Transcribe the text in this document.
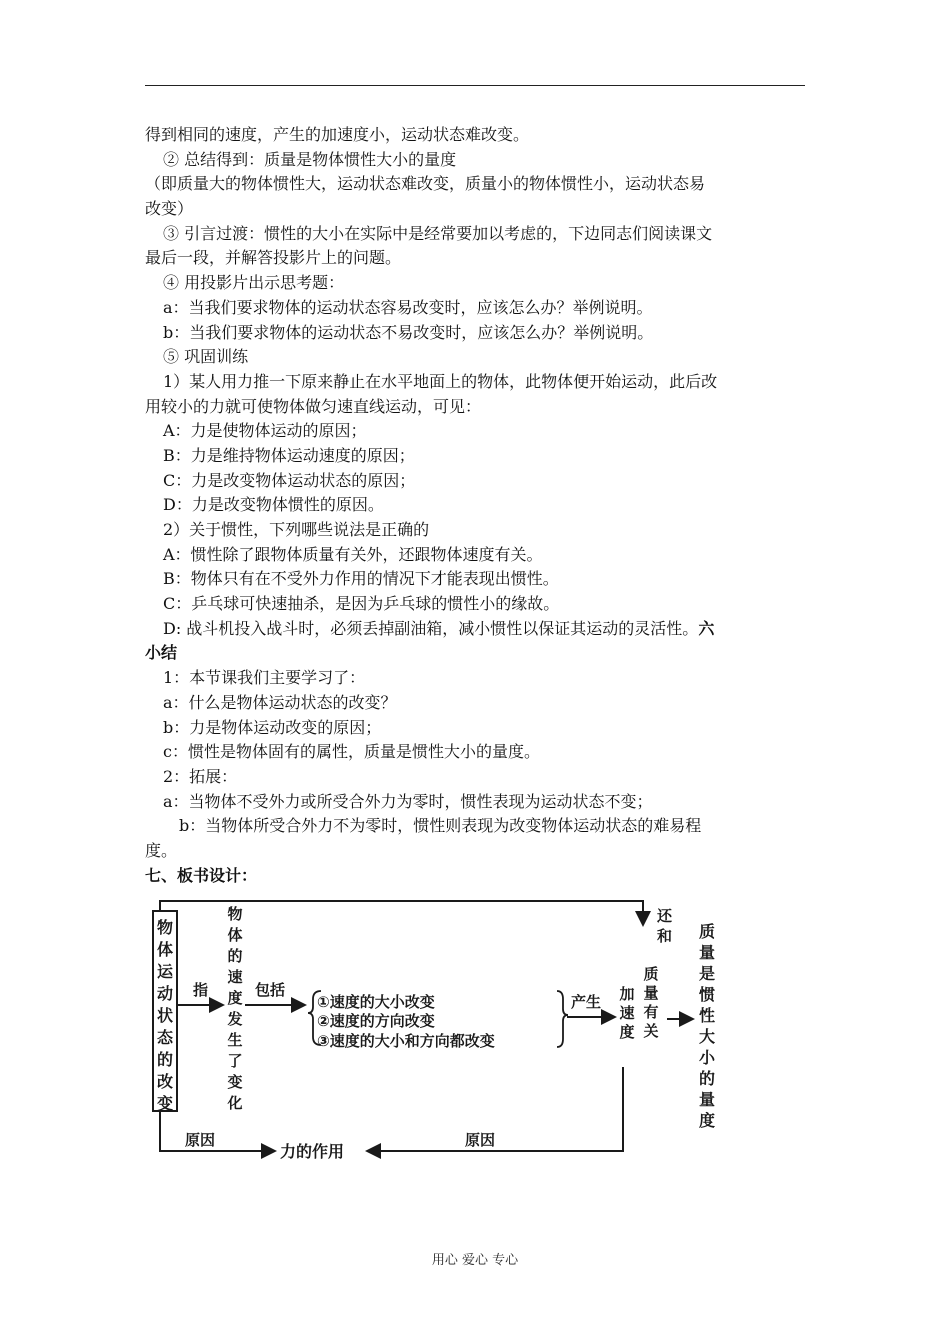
得到相同的速度，产生的加速度小，运动状态难改变。
② 总结得到：质量是物体惯性大小的量度
（即质量大的物体惯性大，运动状态难改变，质量小的物体惯性小，运动状态易
改变）
③ 引言过渡：惯性的大小在实际中是经常要加以考虑的，下边同志们阅读课文
最后一段，并解答投影片上的问题。
④ 用投影片出示思考题：
a：当我们要求物体的运动状态容易改变时，应该怎么办？举例说明。
b：当我们要求物体的运动状态不易改变时，应该怎么办？举例说明。
⑤ 巩固训练
1）某人用力推一下原来静止在水平地面上的物体，此物体便开始运动，此后改
用较小的力就可使物体做匀速直线运动，可见：
A：力是使物体运动的原因；
B：力是维持物体运动速度的原因；
C：力是改变物体运动状态的原因；
D：力是改变物体惯性的原因。
2）关于惯性，下列哪些说法是正确的
A：惯性除了跟物体质量有关外，还跟物体速度有关。
B：物体只有在不受外力作用的情况下才能表现出惯性。
C：乒乓球可快速抽杀，是因为乒乓球的惯性小的缘故。
D: 战斗机投入战斗时，必须丢掉副油箱，减小惯性以保证其运动的灵活性。六
小结
1：本节课我们主要学习了：
a：什么是物体运动状态的改变？
b：力是物体运动改变的原因；
c：惯性是物体固有的属性，质量是惯性大小的量度。
2：拓展：
a：当物体不受外力或所受合外力为零时，惯性表现为运动状态不变；
b：当物体所受合外力不为零时，惯性则表现为改变物体运动状态的难易程
度。
七、板书设计：
物
体
运
动
状
态
的
改
变
指
物
体
的
速
度
发
生
了
变
化
包括
①速度的大小改变
②速度的方向改变
③速度的大小和方向都改变
产生
还
和
加
速
度
质
量
有
关
质
量
是
惯
性
大
小
的
量
度
原因
力的作用
原因
用心 爱心 专心
